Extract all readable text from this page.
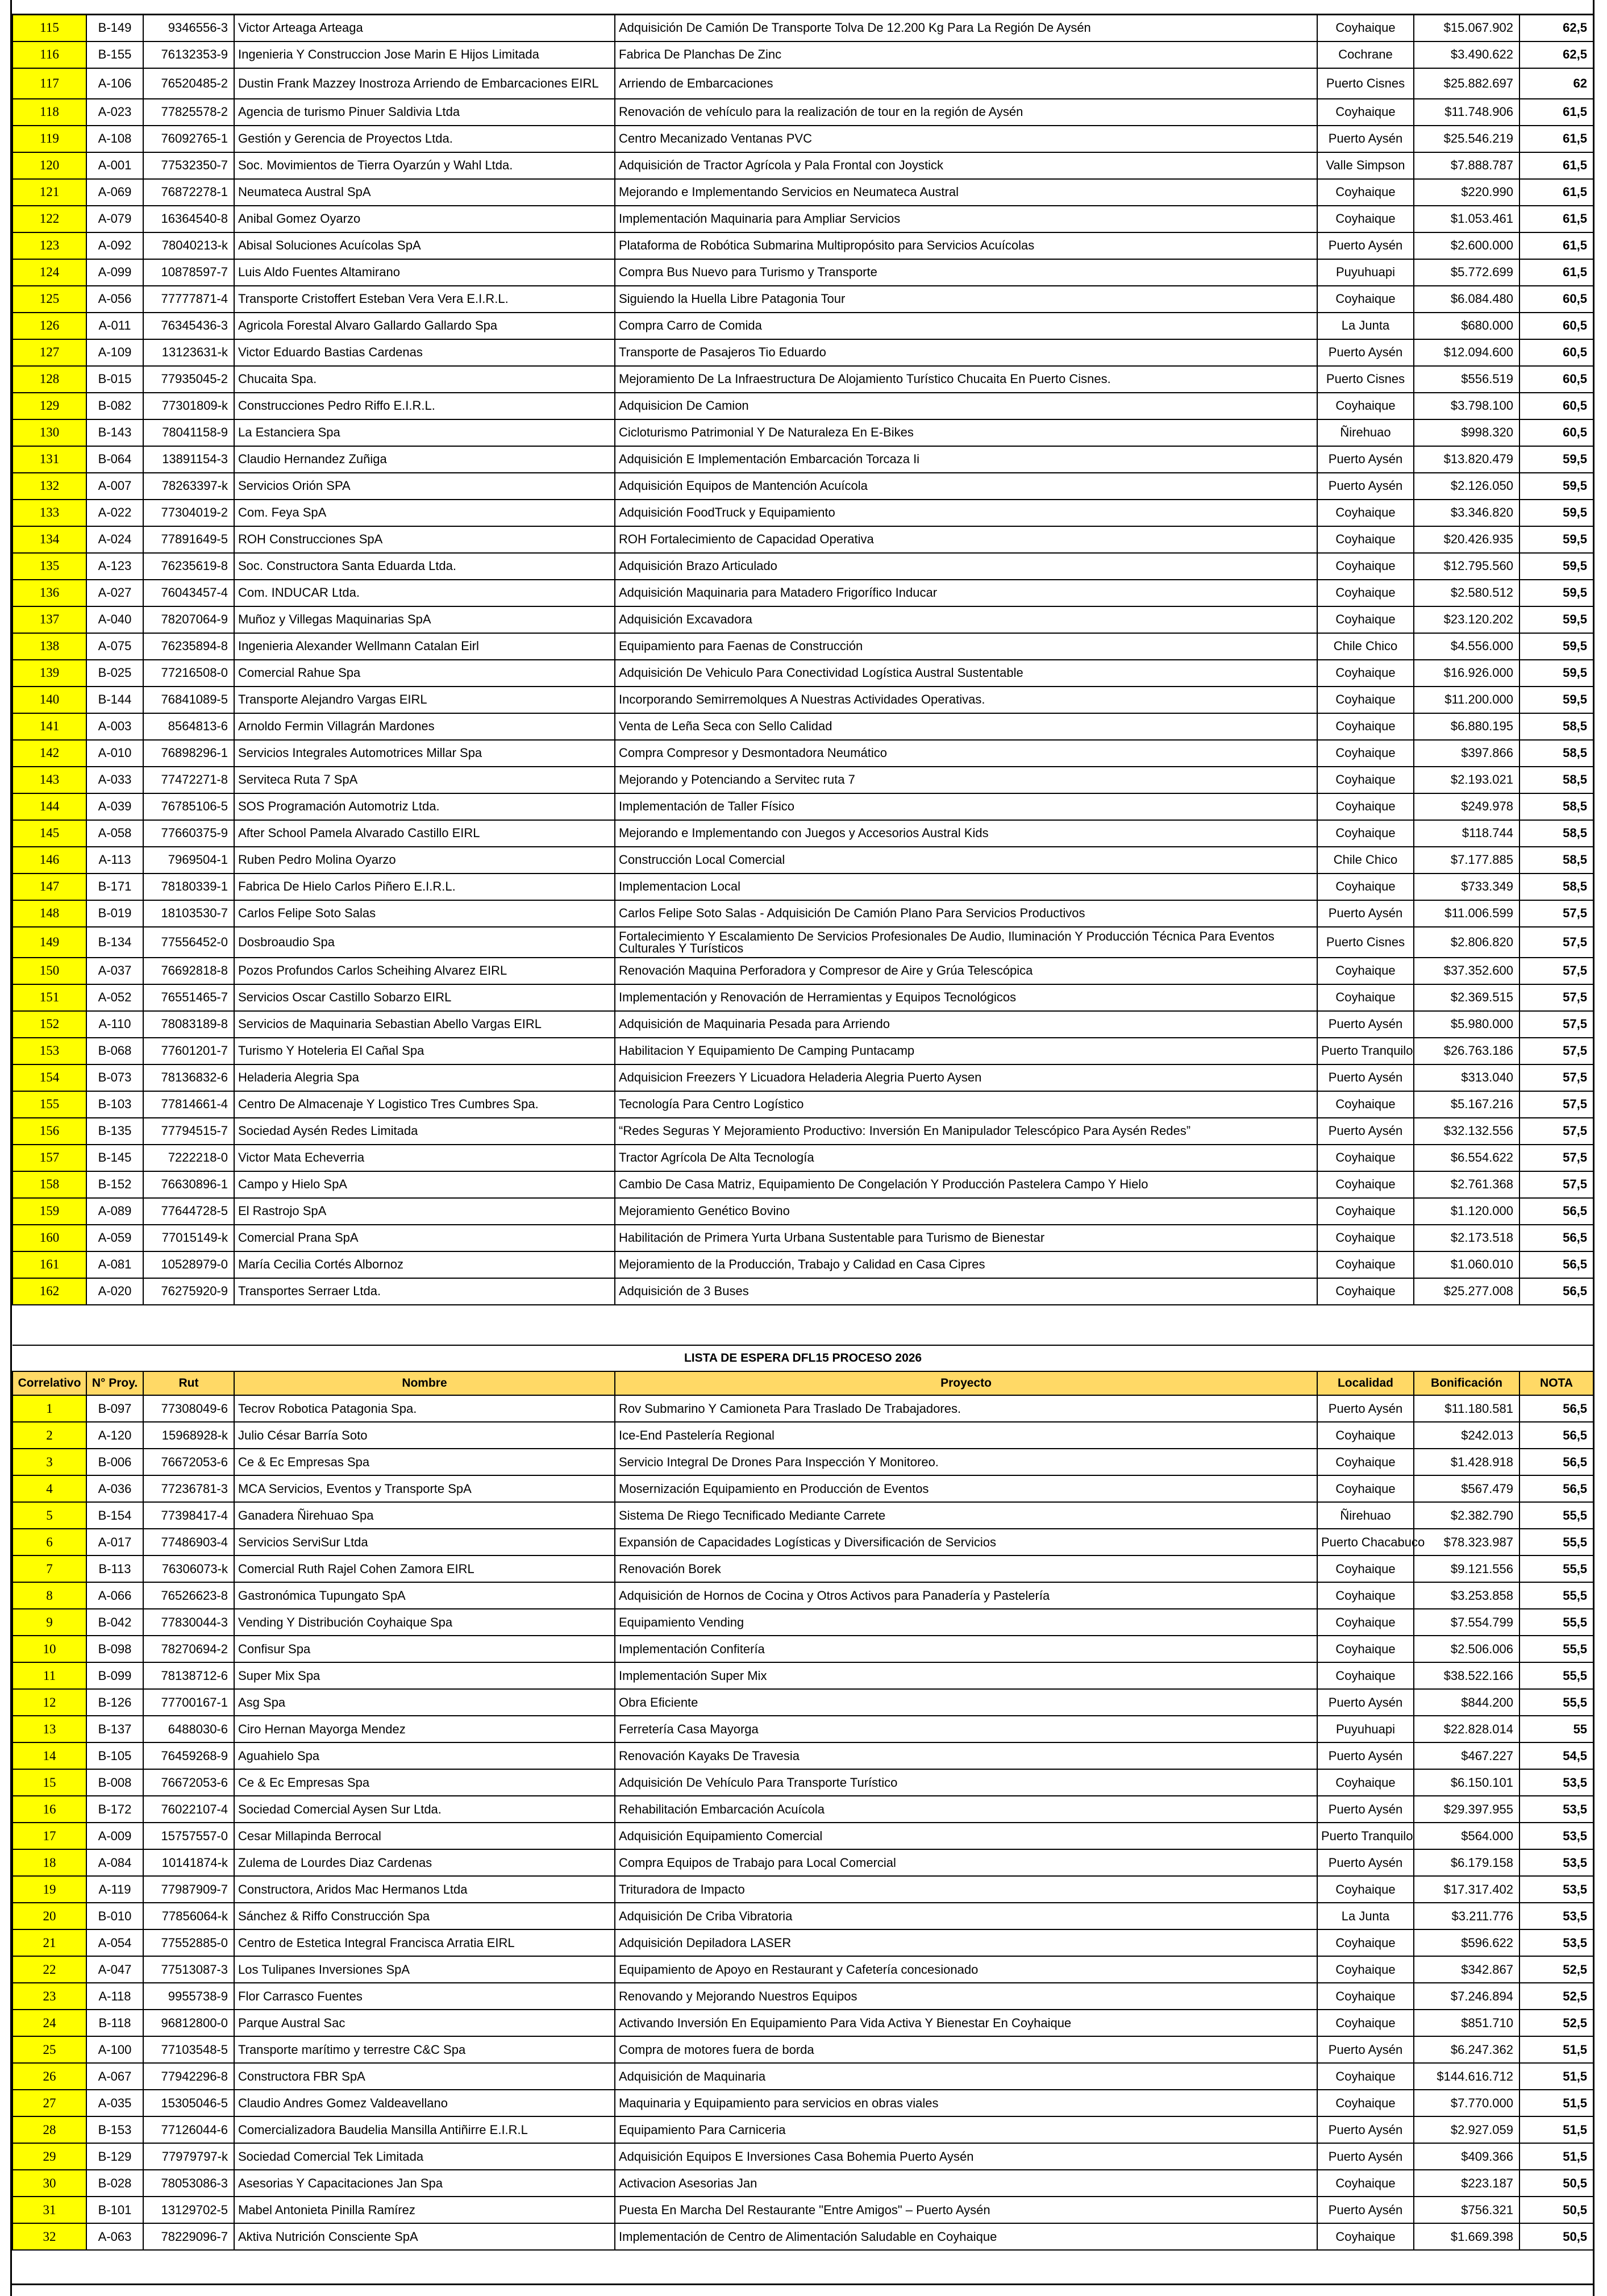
115	B-149	9346556-3	Victor Arteaga Arteaga	Adquisición De Camión De Transporte Tolva De 12.200 Kg Para La Región De Aysén	Coyhaique	$15.067.902	62,5
116	B-155	76132353-9	Ingenieria Y Construccion Jose Marin E Hijos Limitada	Fabrica De Planchas De Zinc	Cochrane	$3.490.622	62,5
117	A-106	76520485-2	Dustin Frank Mazzey Inostroza Arriendo de Embarcaciones EIRL	Arriendo de Embarcaciones	Puerto Cisnes	$25.882.697	62
118	A-023	77825578-2	Agencia de turismo Pinuer Saldivia Ltda	Renovación de vehículo para la realización de tour en la región de Aysén	Coyhaique	$11.748.906	61,5
119	A-108	76092765-1	Gestión y Gerencia de Proyectos Ltda.	Centro Mecanizado Ventanas PVC	Puerto Aysén	$25.546.219	61,5
120	A-001	77532350-7	Soc. Movimientos de Tierra Oyarzún y Wahl Ltda.	Adquisición de Tractor Agrícola y Pala Frontal con Joystick	Valle Simpson	$7.888.787	61,5
121	A-069	76872278-1	Neumateca Austral SpA	Mejorando e Implementando Servicios en Neumateca Austral	Coyhaique	$220.990	61,5
122	A-079	16364540-8	Anibal Gomez Oyarzo	Implementación Maquinaria para Ampliar Servicios	Coyhaique	$1.053.461	61,5
123	A-092	78040213-k	Abisal Soluciones Acuícolas SpA	Plataforma de Robótica Submarina Multipropósito para Servicios Acuícolas	Puerto Aysén	$2.600.000	61,5
124	A-099	10878597-7	Luis Aldo Fuentes Altamirano	Compra Bus Nuevo para Turismo y Transporte	Puyuhuapi	$5.772.699	61,5
125	A-056	77777871-4	Transporte Cristoffert Esteban Vera Vera E.I.R.L.	Siguiendo la Huella Libre Patagonia Tour	Coyhaique	$6.084.480	60,5
126	A-011	76345436-3	Agricola Forestal Alvaro Gallardo Gallardo Spa	Compra Carro de Comida	La Junta	$680.000	60,5
127	A-109	13123631-k	Victor Eduardo Bastias Cardenas	Transporte de Pasajeros Tio Eduardo	Puerto Aysén	$12.094.600	60,5
128	B-015	77935045-2	Chucaita Spa.	Mejoramiento De La Infraestructura De Alojamiento Turístico Chucaita En Puerto Cisnes.	Puerto Cisnes	$556.519	60,5
129	B-082	77301809-k	Construcciones Pedro Riffo E.I.R.L.	Adquisicion De Camion	Coyhaique	$3.798.100	60,5
130	B-143	78041158-9	La Estanciera Spa	Cicloturismo Patrimonial Y De Naturaleza En E-Bikes	Ñirehuao	$998.320	60,5
131	B-064	13891154-3	Claudio Hernandez Zuñiga	Adquisición E Implementación Embarcación Torcaza Ii	Puerto Aysén	$13.820.479	59,5
132	A-007	78263397-k	Servicios Orión SPA	Adquisición Equipos de Mantención Acuícola	Puerto Aysén	$2.126.050	59,5
133	A-022	77304019-2	Com. Feya SpA	Adquisición FoodTruck y Equipamiento	Coyhaique	$3.346.820	59,5
134	A-024	77891649-5	ROH Construcciones SpA	ROH Fortalecimiento de Capacidad Operativa	Coyhaique	$20.426.935	59,5
135	A-123	76235619-8	Soc. Constructora Santa Eduarda Ltda.	Adquisición Brazo Articulado	Coyhaique	$12.795.560	59,5
136	A-027	76043457-4	Com. INDUCAR Ltda.	Adquisición Maquinaria para Matadero Frigorífico Inducar	Coyhaique	$2.580.512	59,5
137	A-040	78207064-9	Muñoz y Villegas Maquinarias SpA	Adquisición Excavadora	Coyhaique	$23.120.202	59,5
138	A-075	76235894-8	Ingenieria Alexander Wellmann Catalan Eirl	Equipamiento para Faenas de Construcción	Chile Chico	$4.556.000	59,5
139	B-025	77216508-0	Comercial Rahue Spa	Adquisición De Vehiculo Para Conectividad Logística Austral Sustentable	Coyhaique	$16.926.000	59,5
140	B-144	76841089-5	Transporte Alejandro Vargas EIRL	Incorporando Semirremolques A Nuestras Actividades Operativas.	Coyhaique	$11.200.000	59,5
141	A-003	8564813-6	Arnoldo Fermin Villagrán Mardones	Venta de Leña Seca con Sello Calidad	Coyhaique	$6.880.195	58,5
142	A-010	76898296-1	Servicios Integrales Automotrices Millar Spa	Compra Compresor y Desmontadora Neumático	Coyhaique	$397.866	58,5
143	A-033	77472271-8	Serviteca Ruta 7 SpA	Mejorando y Potenciando a Servitec ruta 7	Coyhaique	$2.193.021	58,5
144	A-039	76785106-5	SOS Programación Automotriz Ltda.	Implementación de Taller Físico	Coyhaique	$249.978	58,5
145	A-058	77660375-9	After School Pamela Alvarado Castillo EIRL	Mejorando e Implementando con Juegos y Accesorios Austral Kids	Coyhaique	$118.744	58,5
146	A-113	7969504-1	Ruben Pedro Molina Oyarzo	Construcción Local Comercial	Chile Chico	$7.177.885	58,5
147	B-171	78180339-1	Fabrica De Hielo Carlos Piñero E.I.R.L.	Implementacion Local	Coyhaique	$733.349	58,5
148	B-019	18103530-7	Carlos Felipe Soto Salas	Carlos Felipe Soto Salas - Adquisición De Camión Plano Para Servicios Productivos	Puerto Aysén	$11.006.599	57,5
149	B-134	77556452-0	Dosbroaudio Spa	Fortalecimiento Y Escalamiento De Servicios Profesionales De Audio, Iluminación Y Producción Técnica Para Eventos Culturales Y Turísticos	Puerto Cisnes	$2.806.820	57,5
150	A-037	76692818-8	Pozos Profundos Carlos Scheihing Alvarez EIRL	Renovación Maquina Perforadora y Compresor de Aire y Grúa Telescópica	Coyhaique	$37.352.600	57,5
151	A-052	76551465-7	Servicios Oscar Castillo Sobarzo EIRL	Implementación y Renovación de Herramientas y Equipos Tecnológicos	Coyhaique	$2.369.515	57,5
152	A-110	78083189-8	Servicios de Maquinaria Sebastian Abello Vargas EIRL	Adquisición de Maquinaria Pesada para Arriendo	Puerto Aysén	$5.980.000	57,5
153	B-068	77601201-7	Turismo Y Hoteleria El Cañal Spa	Habilitacion Y Equipamiento De Camping Puntacamp	Puerto Tranquilo	$26.763.186	57,5
154	B-073	78136832-6	Heladeria Alegria Spa	Adquisicion Freezers Y Licuadora Heladeria Alegria Puerto Aysen	Puerto Aysén	$313.040	57,5
155	B-103	77814661-4	Centro De Almacenaje Y Logistico Tres Cumbres Spa.	Tecnología Para Centro Logístico	Coyhaique	$5.167.216	57,5
156	B-135	77794515-7	Sociedad Aysén Redes Limitada	“Redes Seguras Y Mejoramiento Productivo: Inversión En Manipulador Telescópico Para Aysén Redes”	Puerto Aysén	$32.132.556	57,5
157	B-145	7222218-0	Victor Mata Echeverria	Tractor Agrícola De Alta Tecnología	Coyhaique	$6.554.622	57,5
158	B-152	76630896-1	Campo y Hielo SpA	Cambio De Casa Matriz, Equipamiento De Congelación Y Producción Pastelera Campo Y Hielo	Coyhaique	$2.761.368	57,5
159	A-089	77644728-5	El Rastrojo SpA	Mejoramiento Genético Bovino	Coyhaique	$1.120.000	56,5
160	A-059	77015149-k	Comercial Prana SpA	Habilitación de Primera Yurta Urbana Sustentable para Turismo de Bienestar	Coyhaique	$2.173.518	56,5
161	A-081	10528979-0	María Cecilia Cortés Albornoz	Mejoramiento de la Producción, Trabajo y Calidad en Casa Cipres	Coyhaique	$1.060.010	56,5
162	A-020	76275920-9	Transportes Serraer Ltda.	Adquisición de 3 Buses	Coyhaique	$25.277.008	56,5
LISTA DE ESPERA DFL15 PROCESO 2026							
Correlativo	N° Proy.	Rut	Nombre	Proyecto	Localidad	Bonificación	NOTA
1	B-097	77308049-6	Tecrov Robotica Patagonia Spa.	Rov Submarino Y Camioneta Para Traslado De Trabajadores.	Puerto Aysén	$11.180.581	56,5
2	A-120	15968928-k	Julio César Barría Soto	Ice-End Pastelería Regional	Coyhaique	$242.013	56,5
3	B-006	76672053-6	Ce & Ec Empresas Spa	Servicio Integral De Drones Para Inspección Y Monitoreo.	Coyhaique	$1.428.918	56,5
4	A-036	77236781-3	MCA Servicios, Eventos y Transporte SpA	Mosernización Equipamiento en Producción de Eventos	Coyhaique	$567.479	56,5
5	B-154	77398417-4	Ganadera Ñirehuao Spa	Sistema De Riego Tecnificado Mediante Carrete	Ñirehuao	$2.382.790	55,5
6	A-017	77486903-4	Servicios ServiSur Ltda	Expansión de Capacidades Logísticas y Diversificación de Servicios	Puerto Chacabuco	$78.323.987	55,5
7	B-113	76306073-k	Comercial Ruth Rajel Cohen Zamora EIRL	Renovación Borek	Coyhaique	$9.121.556	55,5
8	A-066	76526623-8	Gastronómica Tupungato SpA	Adquisición de Hornos de Cocina y Otros Activos para Panadería y Pastelería	Coyhaique	$3.253.858	55,5
9	B-042	77830044-3	Vending Y Distribución Coyhaique Spa	Equipamiento Vending	Coyhaique	$7.554.799	55,5
10	B-098	78270694-2	Confisur Spa	Implementación Confitería	Coyhaique	$2.506.006	55,5
11	B-099	78138712-6	Super Mix Spa	Implementación Super Mix	Coyhaique	$38.522.166	55,5
12	B-126	77700167-1	Asg Spa	Obra Eficiente	Puerto Aysén	$844.200	55,5
13	B-137	6488030-6	Ciro Hernan Mayorga Mendez	Ferretería Casa Mayorga	Puyuhuapi	$22.828.014	55
14	B-105	76459268-9	Aguahielo Spa	Renovación Kayaks De Travesia	Puerto Aysén	$467.227	54,5
15	B-008	76672053-6	Ce & Ec Empresas Spa	Adquisición De Vehículo Para Transporte Turístico	Coyhaique	$6.150.101	53,5
16	B-172	76022107-4	Sociedad Comercial Aysen Sur Ltda.	Rehabilitación Embarcación Acuícola	Puerto Aysén	$29.397.955	53,5
17	A-009	15757557-0	Cesar Millapinda Berrocal	Adquisición Equipamiento Comercial	Puerto Tranquilo	$564.000	53,5
18	A-084	10141874-k	Zulema de Lourdes Diaz Cardenas	Compra Equipos de Trabajo para Local Comercial	Puerto Aysén	$6.179.158	53,5
19	A-119	77987909-7	Constructora, Aridos Mac Hermanos Ltda	Trituradora de Impacto	Coyhaique	$17.317.402	53,5
20	B-010	77856064-k	Sánchez & Riffo Construcción Spa	Adquisición De Criba Vibratoria	La Junta	$3.211.776	53,5
21	A-054	77552885-0	Centro de Estetica Integral Francisca Arratia EIRL	Adquisición Depiladora LASER	Coyhaique	$596.622	53,5
22	A-047	77513087-3	Los Tulipanes Inversiones SpA	Equipamiento de Apoyo en Restaurant y Cafetería concesionado	Coyhaique	$342.867	52,5
23	A-118	9955738-9	Flor Carrasco Fuentes	Renovando y Mejorando Nuestros Equipos	Coyhaique	$7.246.894	52,5
24	B-118	96812800-0	Parque Austral Sac	Activando Inversión En Equipamiento Para Vida Activa Y Bienestar En Coyhaique	Coyhaique	$851.710	52,5
25	A-100	77103548-5	Transporte marítimo y terrestre C&C Spa	Compra de motores fuera de borda	Puerto Aysén	$6.247.362	51,5
26	A-067	77942296-8	Constructora FBR SpA	Adquisición de Maquinaria	Coyhaique	$144.616.712	51,5
27	A-035	15305046-5	Claudio Andres Gomez Valdeavellano	Maquinaria y Equipamiento para servicios en obras viales	Coyhaique	$7.770.000	51,5
28	B-153	77126044-6	Comercializadora Baudelia Mansilla Antiñirre E.I.R.L	Equipamiento Para Carniceria	Puerto Aysén	$2.927.059	51,5
29	B-129	77979797-k	Sociedad Comercial Tek Limitada	Adquisición Equipos E Inversiones Casa Bohemia Puerto Aysén	Puerto Aysén	$409.366	51,5
30	B-028	78053086-3	Asesorias Y Capacitaciones Jan Spa	Activacion Asesorias Jan	Coyhaique	$223.187	50,5
31	B-101	13129702-5	Mabel Antonieta Pinilla Ramírez	Puesta En Marcha Del Restaurante "Entre Amigos" – Puerto Aysén	Puerto Aysén	$756.321	50,5
32	A-063	78229096-7	Aktiva Nutrición Consciente SpA	Implementación de Centro de Alimentación Saludable en Coyhaique	Coyhaique	$1.669.398	50,5
